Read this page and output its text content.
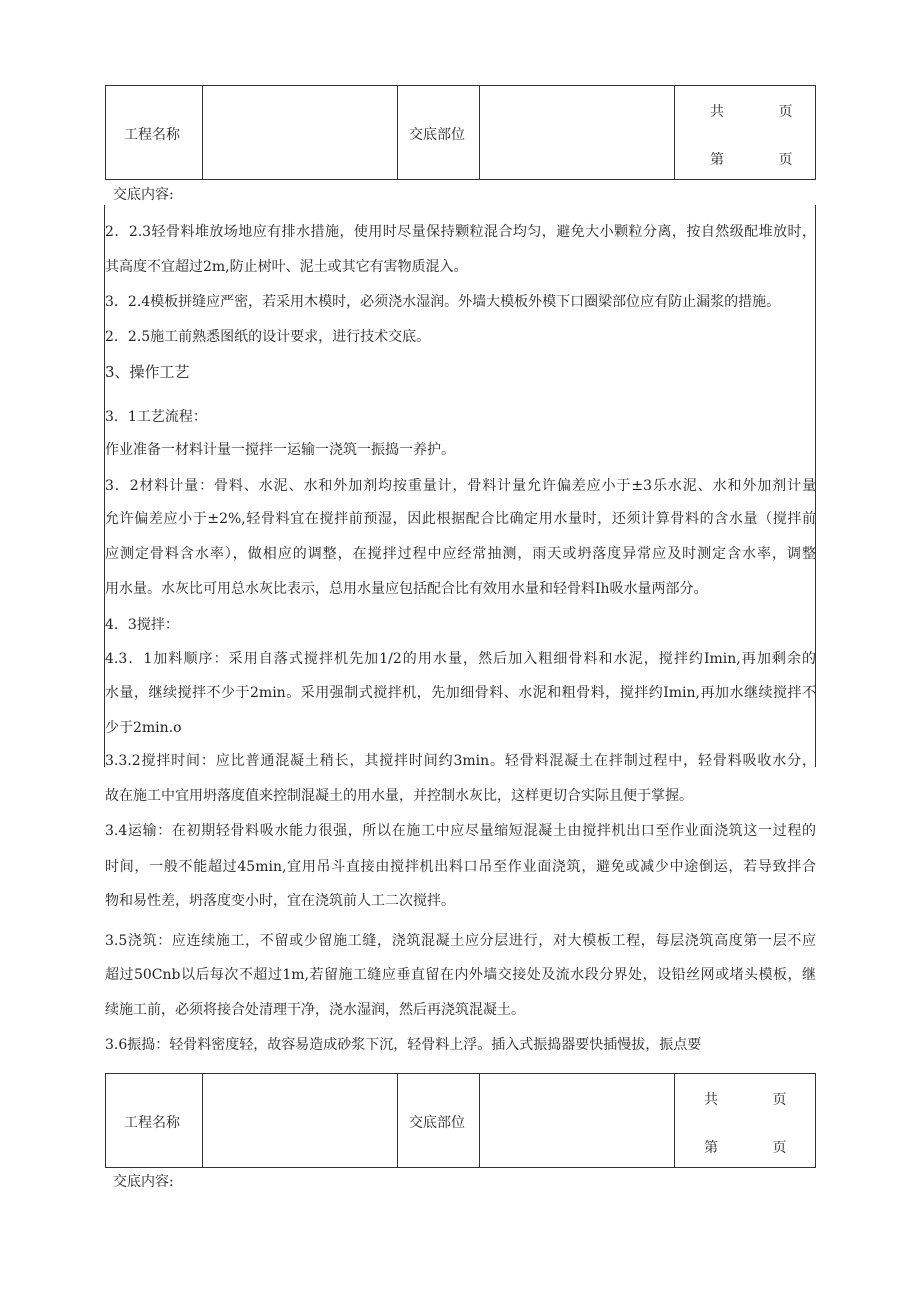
工程名称	交底部位
共	页
第	页
交底内容:
2．2.3轻骨料堆放场地应有排水措施，使用时尽量保持颗粒混合均匀，避免大小颗粒分离，按自然级配堆放时，
其高度不宜超过2m,防止树叶、泥土或其它有害物质混入。
3．2.4模板拼缝应严密，若采用木模时，必须浇水湿润。外墙大模板外模下口圈梁部位应有防止漏浆的措施。
2．2.5施工前熟悉图纸的设计要求，进行技术交底。
3、操作工艺
3．1工艺流程：
作业准备一材料计量一搅拌一运输一浇筑一振捣一养护。
3．2材料计量：骨料、水泥、水和外加剂均按重量计，骨料计量允许偏差应小于±3乐水泥、水和外加剂计量
允许偏差应小于±2%,轻骨料宜在搅拌前预湿，因此根据配合比确定用水量时，还须计算骨料的含水量（搅拌前
应测定骨料含水率），做相应的调整，在搅拌过程中应经常抽测，雨天或坍落度异常应及时测定含水率，调整
用水量。水灰比可用总水灰比表示，总用水量应包括配合比有效用水量和轻骨料Ih吸水量两部分。
4．3搅拌：
4.3．1加料顺序：采用自落式搅拌机先加1/2的用水量，然后加入粗细骨料和水泥，搅拌约Imin,再加剩余的
水量，继续搅拌不少于2min。采用强制式搅拌机，先加细骨料、水泥和粗骨料，搅拌约Imin,再加水继续搅拌不
少于2min.o
3.3.2搅拌时间：应比普通混凝土稍长，其搅拌时间约3min。轻骨料混凝土在拌制过程中，轻骨料吸收水分，
故在施工中宜用坍落度值来控制混凝土的用水量，并控制水灰比，这样更切合实际且便于掌握。
3.4运输：在初期轻骨料吸水能力很强，所以在施工中应尽量缩短混凝土由搅拌机出口至作业面浇筑这一过程的
时间，一般不能超过45min,宜用吊斗直接由搅拌机出料口吊至作业面浇筑，避免或减少中途倒运，若导致拌合
物和易性差，坍落度变小时，宜在浇筑前人工二次搅拌。
3.5浇筑：应连续施工，不留或少留施工缝，浇筑混凝土应分层进行，对大模板工程，每层浇筑高度第一层不应
超过50Cnb以后每次不超过1m,若留施工缝应垂直留在内外墙交接处及流水段分界处，设铅丝网或堵头模板，继
续施工前，必须将接合处清理干净，浇水湿润，然后再浇筑混凝土。
3.6振捣：轻骨料密度轻，故容易造成砂浆下沉，轻骨料上浮。插入式振捣器要快插慢拔，振点要
工程名称	交底部位
共	页
第	页
交底内容:
